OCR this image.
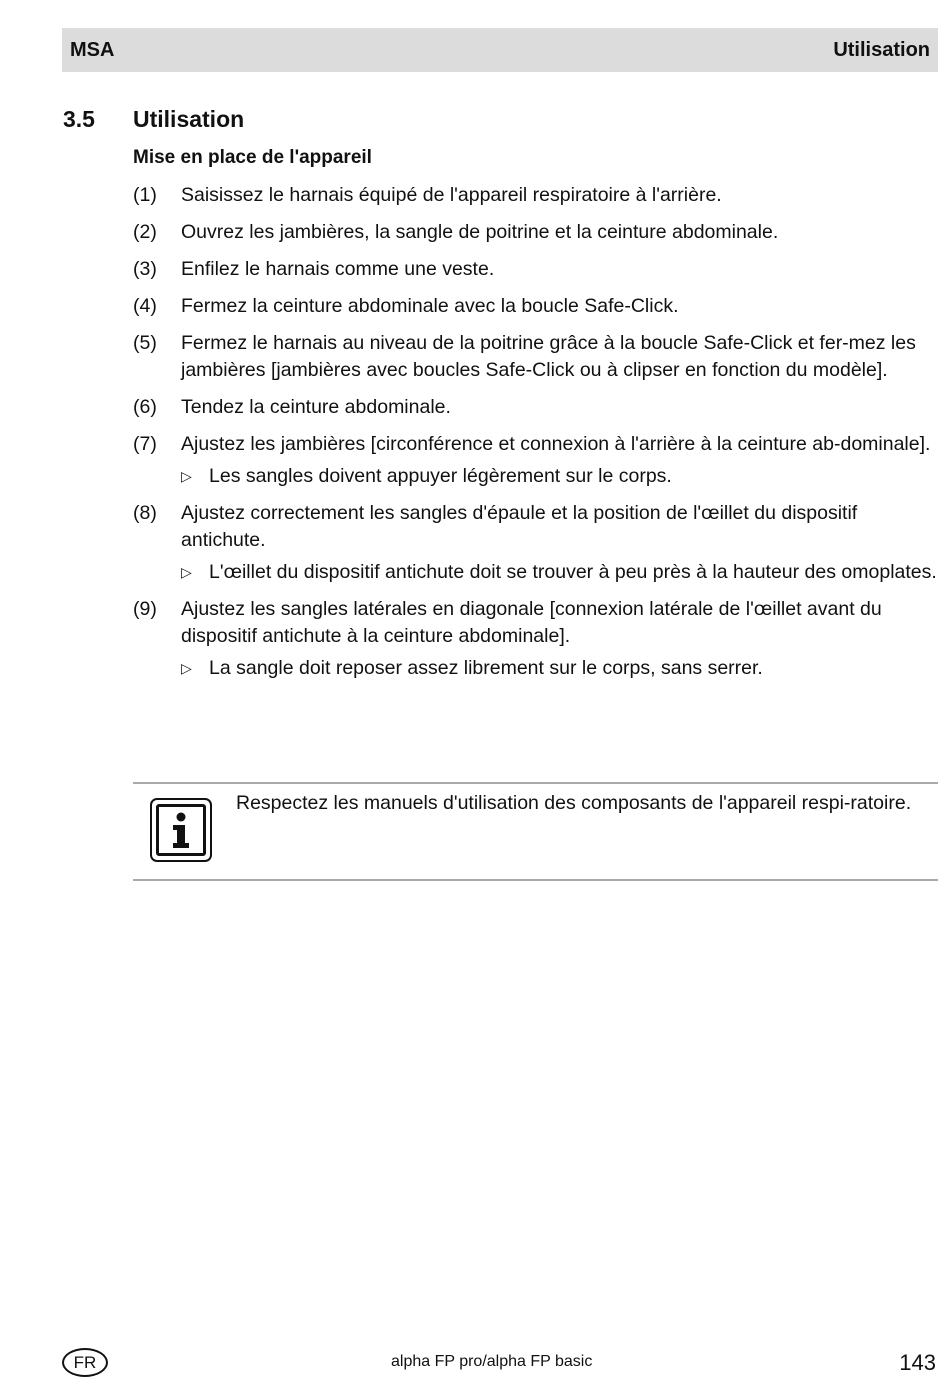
MSA	Utilisation
3.5 Utilisation
Mise en place de l'appareil
(1)	Saisissez le harnais équipé de l'appareil respiratoire à l'arrière.
(2)	Ouvrez les jambières, la sangle de poitrine et la ceinture abdominale.
(3)	Enfilez le harnais comme une veste.
(4)	Fermez la ceinture abdominale avec la boucle Safe-Click.
(5)	Fermez le harnais au niveau de la poitrine grâce à la boucle Safe-Click et fer-mez les jambières [jambières avec boucles Safe-Click ou à clipser en fonction du modèle].
(6)	Tendez la ceinture abdominale.
(7)	Ajustez les jambières [circonférence et connexion à l'arrière à la ceinture ab-dominale].
▷ Les sangles doivent appuyer légèrement sur le corps.
(8)	Ajustez correctement les sangles d'épaule et la position de l'œillet du dispositif antichute.
▷ L'œillet du dispositif antichute doit se trouver à peu près à la hauteur des omoplates.
(9)	Ajustez les sangles latérales en diagonale [connexion latérale de l'œillet avant du dispositif antichute à la ceinture abdominale].
▷ La sangle doit reposer assez librement sur le corps, sans serrer.
Respectez les manuels d'utilisation des composants de l'appareil respi-ratoire.
FR	alpha FP pro/alpha FP basic	143
